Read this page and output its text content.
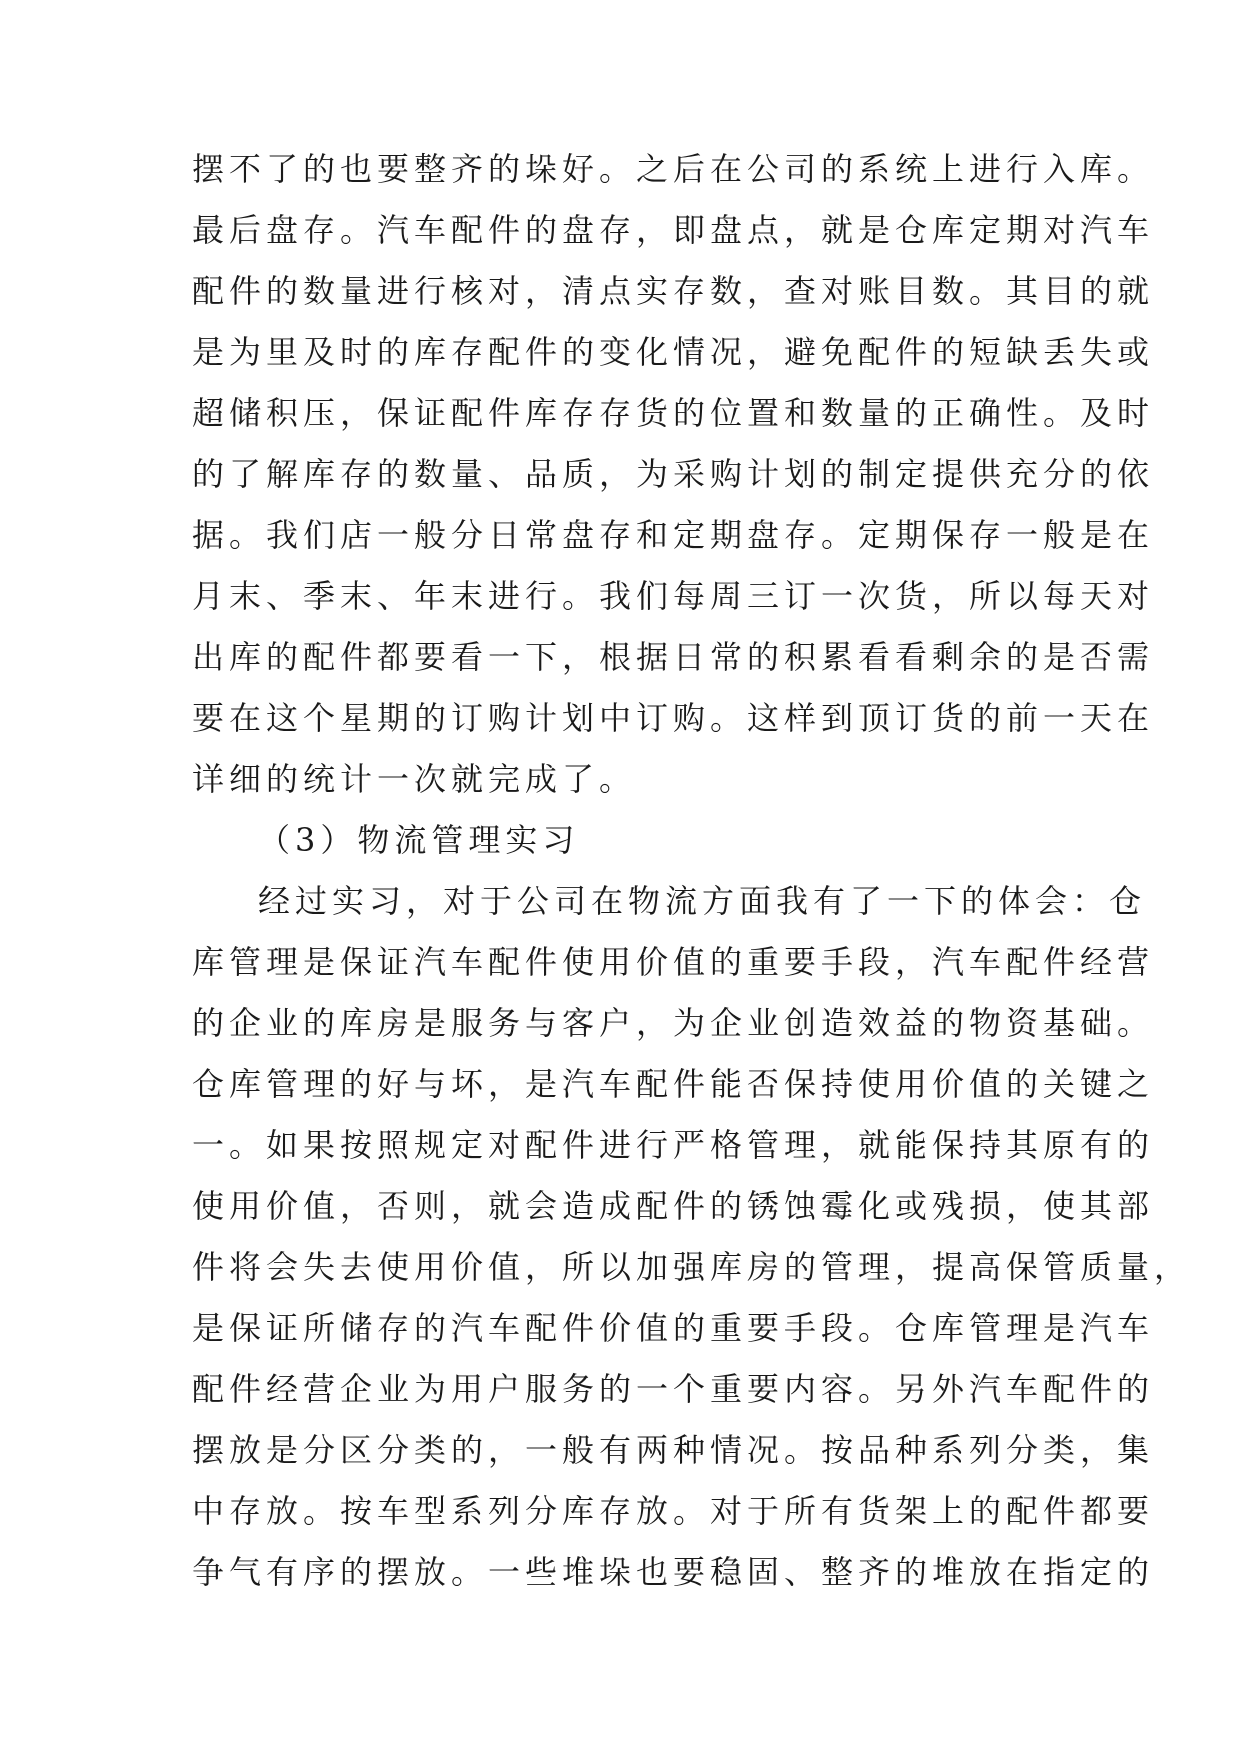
摆不了的也要整齐的垛好。之后在公司的系统上进行入库。
最后盘存。汽车配件的盘存，即盘点，就是仓库定期对汽车
配件的数量进行核对，清点实存数，查对账目数。其目的就
是为里及时的库存配件的变化情况，避免配件的短缺丢失或
超储积压，保证配件库存存货的位置和数量的正确性。及时
的了解库存的数量、品质，为采购计划的制定提供充分的依
据。我们店一般分日常盘存和定期盘存。定期保存一般是在
月末、季末、年末进行。我们每周三订一次货，所以每天对
出库的配件都要看一下，根据日常的积累看看剩余的是否需
要在这个星期的订购计划中订购。这样到顶订货的前一天在
详细的统计一次就完成了。
（3）物流管理实习
经过实习，对于公司在物流方面我有了一下的体会：仓
库管理是保证汽车配件使用价值的重要手段，汽车配件经营
的企业的库房是服务与客户，为企业创造效益的物资基础。
仓库管理的好与坏，是汽车配件能否保持使用价值的关键之
一。如果按照规定对配件进行严格管理，就能保持其原有的
使用价值，否则，就会造成配件的锈蚀霉化或残损，使其部
件将会失去使用价值，所以加强库房的管理，提高保管质量，
是保证所储存的汽车配件价值的重要手段。仓库管理是汽车
配件经营企业为用户服务的一个重要内容。另外汽车配件的
摆放是分区分类的，一般有两种情况。按品种系列分类，集
中存放。按车型系列分库存放。对于所有货架上的配件都要
争气有序的摆放。一些堆垛也要稳固、整齐的堆放在指定的
